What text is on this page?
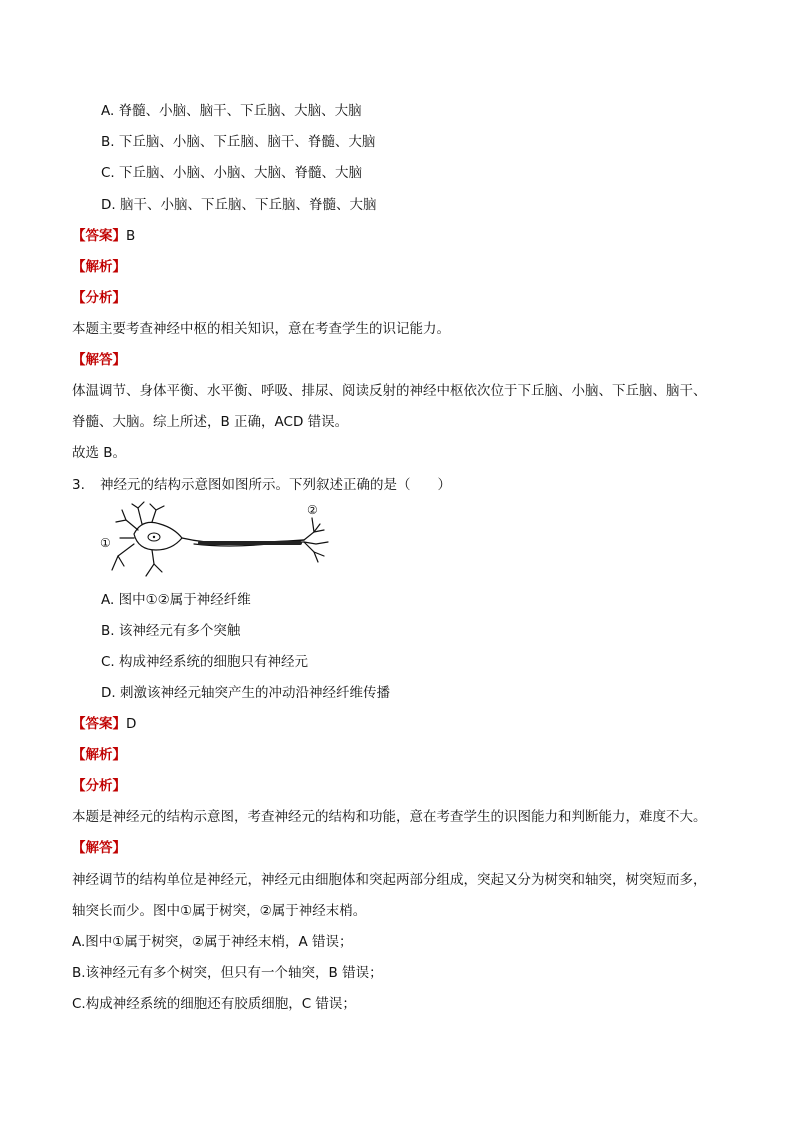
A. 脊髓、小脑、脑干、下丘脑、大脑、大脑
B. 下丘脑、小脑、下丘脑、脑干、脊髓、大脑
C. 下丘脑、小脑、小脑、大脑、脊髓、大脑
D. 脑干、小脑、下丘脑、下丘脑、脊髓、大脑
【答案】B
【解析】
【分析】
本题主要考查神经中枢的相关知识，意在考查学生的识记能力。
【解答】
体温调节、身体平衡、水平衡、呼吸、排尿、阅读反射的神经中枢依次位于下丘脑、小脑、下丘脑、脑干、
脊髓、大脑。综上所述，B 正确，ACD 错误。
故选 B。
3. 神经元的结构示意图如图所示。下列叙述正确的是（　　）
①
②
A. 图中①②属于神经纤维
B. 该神经元有多个突触
C. 构成神经系统的细胞只有神经元
D. 刺激该神经元轴突产生的冲动沿神经纤维传播
【答案】D
【解析】
【分析】
本题是神经元的结构示意图，考查神经元的结构和功能，意在考查学生的识图能力和判断能力，难度不大。
【解答】
神经调节的结构单位是神经元，神经元由细胞体和突起两部分组成，突起又分为树突和轴突，树突短而多，
轴突长而少。图中①属于树突，②属于神经末梢。
A.图中①属于树突，②属于神经末梢，A 错误；
B.该神经元有多个树突，但只有一个轴突，B 错误；
C.构成神经系统的细胞还有胶质细胞，C 错误；
